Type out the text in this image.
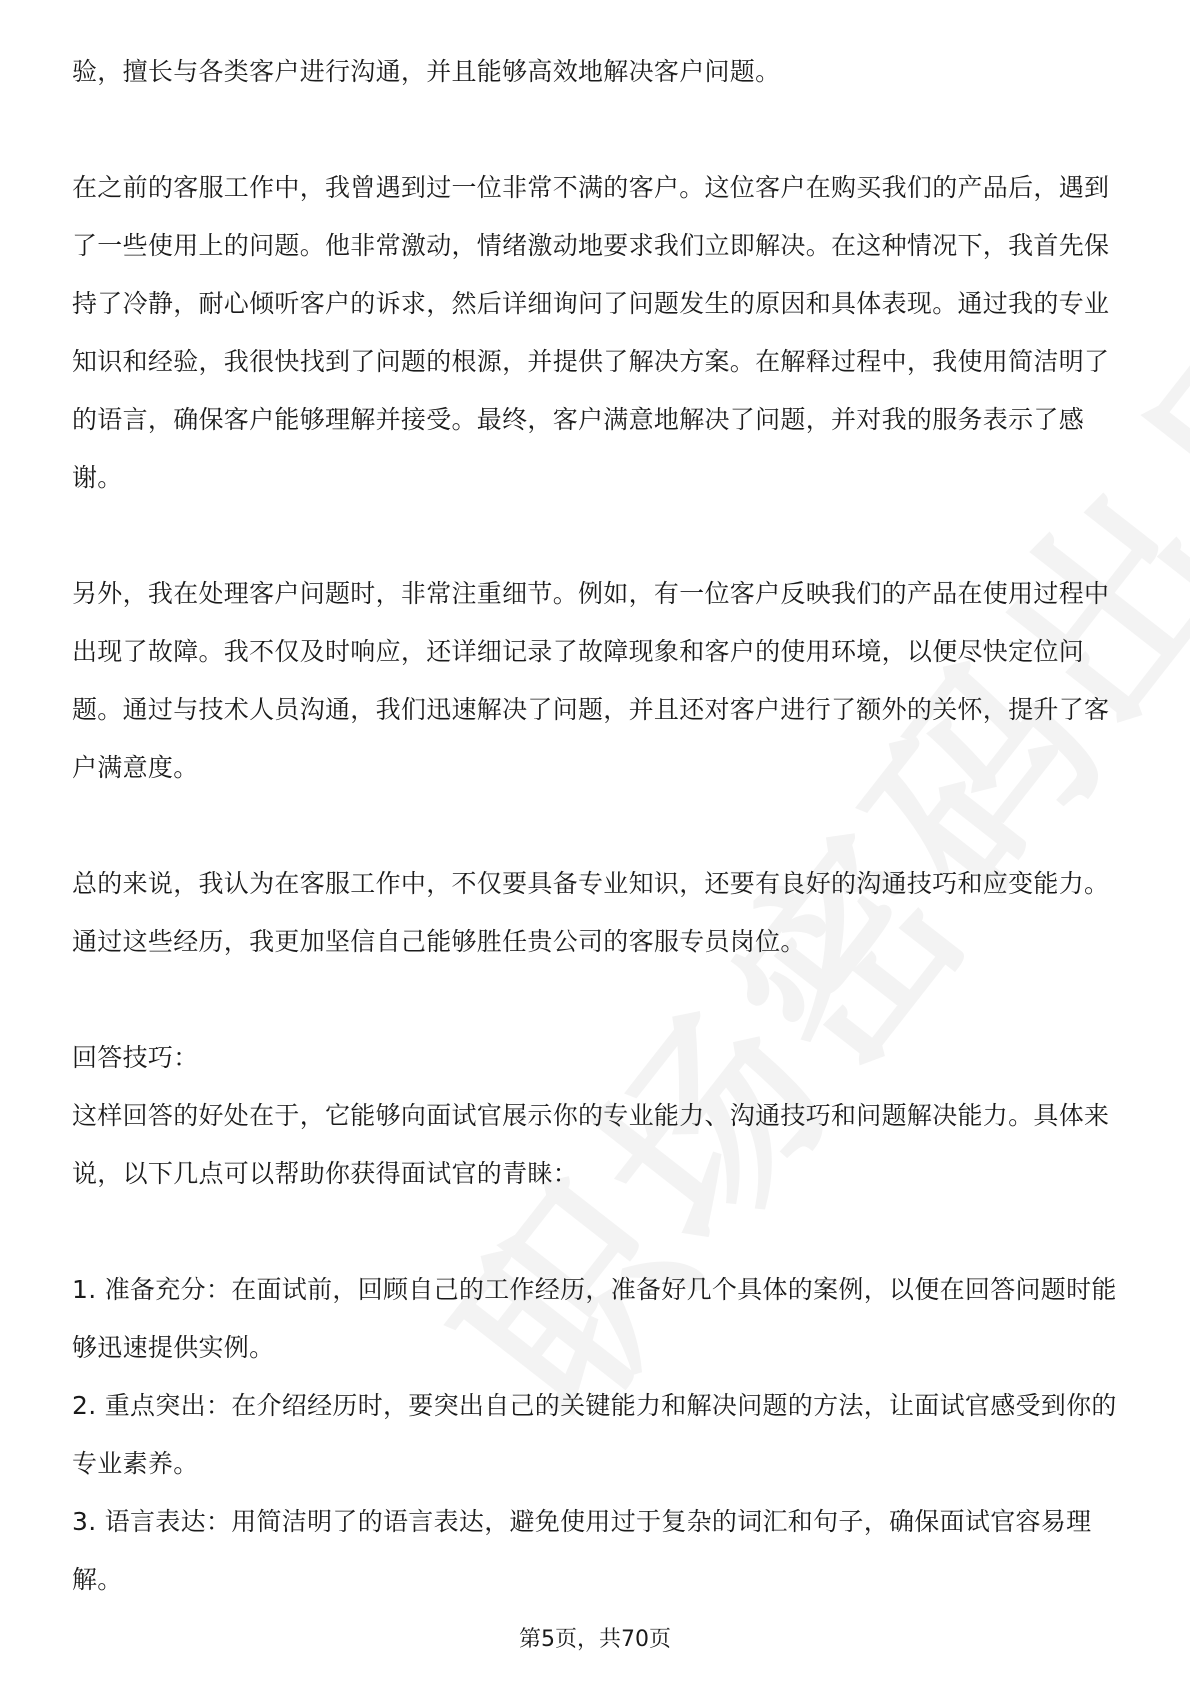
验，擅长与各类客户进行沟通，并且能够高效地解决客户问题。

在之前的客服工作中，我曾遇到过一位非常不满的客户。这位客户在购买我们的产品后，遇到了一些使用上的问题。他非常激动，情绪激动地要求我们立即解决。在这种情况下，我首先保持了冷静，耐心倾听客户的诉求，然后详细询问了问题发生的原因和具体表现。通过我的专业知识和经验，我很快找到了问题的根源，并提供了解决方案。在解释过程中，我使用简洁明了的语言，确保客户能够理解并接受。最终，客户满意地解决了问题，并对我的服务表示了感谢。

另外，我在处理客户问题时，非常注重细节。例如，有一位客户反映我们的产品在使用过程中出现了故障。我不仅及时响应，还详细记录了故障现象和客户的使用环境，以便尽快定位问题。通过与技术人员沟通，我们迅速解决了问题，并且还对客户进行了额外的关怀，提升了客户满意度。

总的来说，我认为在客服工作中，不仅要具备专业知识，还要有良好的沟通技巧和应变能力。通过这些经历，我更加坚信自己能够胜任贵公司的客服专员岗位。

回答技巧：

这样回答的好处在于，它能够向面试官展示你的专业能力、沟通技巧和问题解决能力。具体来说，以下几点可以帮助你获得面试官的青睐：

1. 准备充分：在面试前，回顾自己的工作经历，准备好几个具体的案例，以便在回答问题时能够迅速提供实例。

2. 重点突出：在介绍经历时，要突出自己的关键能力和解决问题的方法，让面试官感受到你的专业素养。

3. 语言表达：用简洁明了的语言表达，避免使用过于复杂的词汇和句子，确保面试官容易理解。

第5页，共70页
